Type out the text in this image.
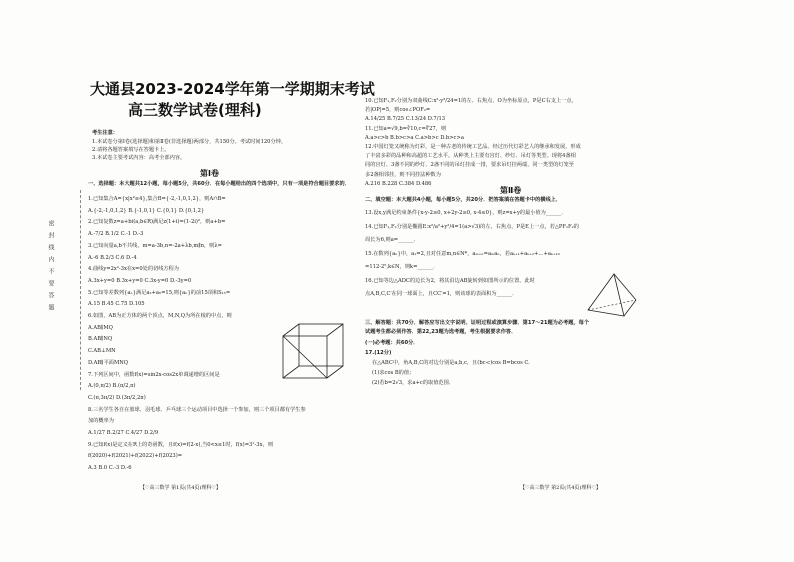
密封线内不要答题
大通县2023-2024学年第一学期期末考试
高三数学试卷(理科)
考生注意：
1.本试卷分第Ⅰ卷(选择题)和第Ⅱ卷(非选择题)两部分，共150分。考试时间120分钟。
2.请将各题答案填写在答题卡上。
3.本试卷主要考试内容：高考全部内容。
第Ⅰ卷
一、选择题：本大题共12小题，每小题5分，共60分．在每小题给出的四个选项中，只有一项是符合题目要求的．
1.已知集合A={x|x²≤4},集合B={-2,-1,0,1,2}，则A∩B=
A.{-2,-1,0,1,2} B.{-1,0,1} C.{0,1} D.{0,1,2}
2.已知复数z=a+bi(a,b∈R)满足z(1+i)=(1-2i)²，则a+b=
A.-7/2 B.1/2 C.-1 D.-3
3.已知向量a,b不共线，m=a-3b,n=-2a+λb,m∥n，则λ=
A.-6 B.2/3 C.6 D.-4
4.曲线y=2x²-3x在x=0处的切线方程为
A.3x+y=0 B.3x+y=0 C.3x-y=0 D.-3y=0
5.已知等差数列{aₙ}满足a₂+a₆=15,则{aₙ}的前15项和S₁₅=
A.15 B.45 C.75 D.105
6.如图，AB为正方体的两个顶点，M,N,Q为所在棱的中点，则
A.AB∥MQ
B.AB∥NQ
C.AB⊥MN
D.AB∥平面MNQ
7.下列区间中，函数f(x)=sin2x-cos2x单调递增的区间是
A.(0,π/2) B.(π/2,π)
C.(π,3π/2) D.(3π/2,2π)
8.三名学生各自在篮球、羽毛球、乒乓球三个运动项目中选择一个参加，则三个项目都有学生参
加的概率为
A.1/27 B.2/27 C.4/27 D.2/9
9.已知f(x)是定义在R上的奇函数，且f(x)=f(2-x),当0<x≤1时，f(x)=3ˣ-3x，则
f(2020)+f(2021)+f(2022)+f(2023)=
A.3 B.0 C.-3 D.-6
10.已知F₁,F₂分别为双曲线C:x²-y²/24=1的左、右焦点，O为坐标原点，P是C右支上一点，
若|OP|=5，则cos∠POF₂=
A.14/25 B.7/25 C.13/24 D.7/13
11.已知a=√9,b=∛10,c=∜27，则
A.a>c>b B.b>c>a C.a>b>c D.b>c>a
12.中国灯笼又统称为灯彩，是一种古老的传统工艺品。经过历代灯彩艺人的继承和发展，形成
了丰富多彩的品种和高超的工艺水平。从种类上主要有宫灯、纱灯、吊灯等类型。现将4盏相
同的宫灯、3盏不同的纱灯、2盏不同的吊灯挂成一排，要求吊灯挂两端，同一类型的灯笼至
多2盏相邻挂，则不同挂法种数为
A.216 B.228 C.384 D.486
第Ⅱ卷
二、填空题：本大题共4小题，每小题5分，共20分．把答案填在答题卡中的横线上．
13.设x,y满足约束条件{x-y-2≥0, x+2y-2≥0, x-4≤0}，则z=x+y的最小值为______．
14.已知F₁,F₂分别是椭圆E:x²/a²+y²/4=1(a>√3)的左、右焦点，P是E上一点，若△PF₁F₂的
周长为6,则a=______．
15.在数列{aₙ}中，a₁=2,且对任意m,n∈N*，aₘ₊ₙ=aₘaₙ，若aₖ₊₁+aₖ₊₂+…+aₖ₊₁₀
=112-2⁵,k∈N，则k=______．
16.已知等边△ADC的边长为2，将其沿边AB旋转到如图所示的位置，此时
点A,B,C,C′在同一球面上，且CC′=1，则该球的表面积为______．
三、解答题：共70分．解答应写出文字说明、证明过程或演算步骤．第17～21题为必考题，每个
试题考生都必须作答．第22,23题为选考题，考生根据要求作答．
(一)必考题：共60分．
17.(12分)
在△ABC中，角A,B,C的对边分别是a,b,c，且(bc-c)cos B=bcos C.
(1)求cos B的值；
(2)若b=2√3，求a+c的取值范围．
【♡高三数学 第1页(共4页)理科♡】	【♡高三数学 第2页(共4页)理科♡】
